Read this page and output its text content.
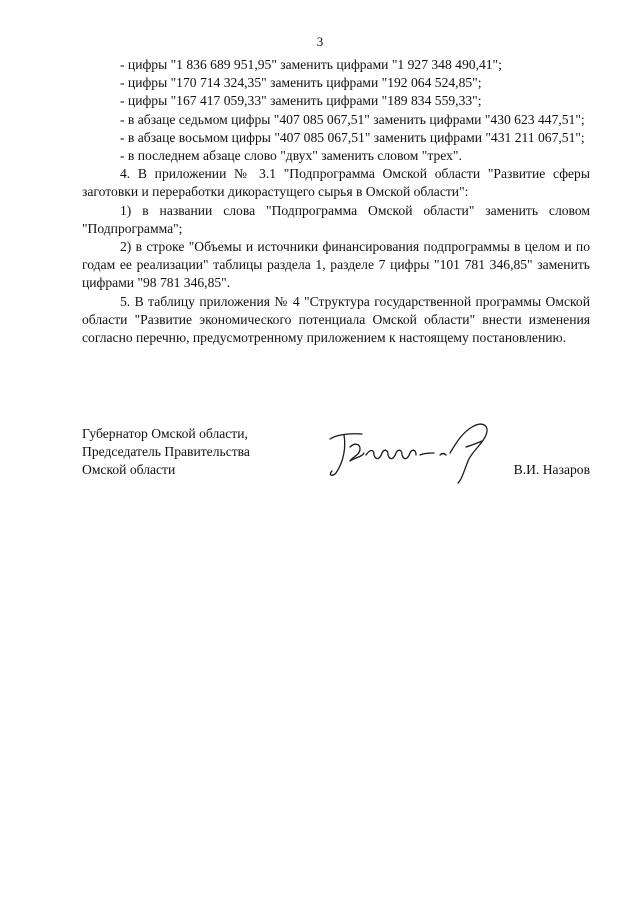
3

- цифры "1 836 689 951,95" заменить цифрами "1 927 348 490,41";

- цифры "170 714 324,35" заменить цифрами "192 064 524,85";

- цифры "167 417 059,33" заменить цифрами "189 834 559,33";

- в абзаце седьмом цифры "407 085 067,51" заменить цифрами "430 623 447,51";

- в абзаце восьмом цифры "407 085 067,51" заменить цифрами "431 211 067,51";

- в последнем абзаце слово "двух" заменить словом "трех".

4. В приложении № 3.1 "Подпрограмма Омской области "Развитие сферы заготовки и переработки дикорастущего сырья в Омской области":

1) в названии слова "Подпрограмма Омской области" заменить словом "Подпрограмма";

2) в строке "Объемы и источники финансирования подпрограммы в целом и по годам ее реализации" таблицы раздела 1, разделе 7 цифры "101 781 346,85" заменить цифрами "98 781 346,85".

5. В таблицу приложения № 4 "Структура государственной программы Омской области "Развитие экономического потенциала Омской области" внести изменения согласно перечню, предусмотренному приложением к настоящему постановлению.

Губернатор Омской области,
Председатель Правительства
Омской области	В.И. Назаров
